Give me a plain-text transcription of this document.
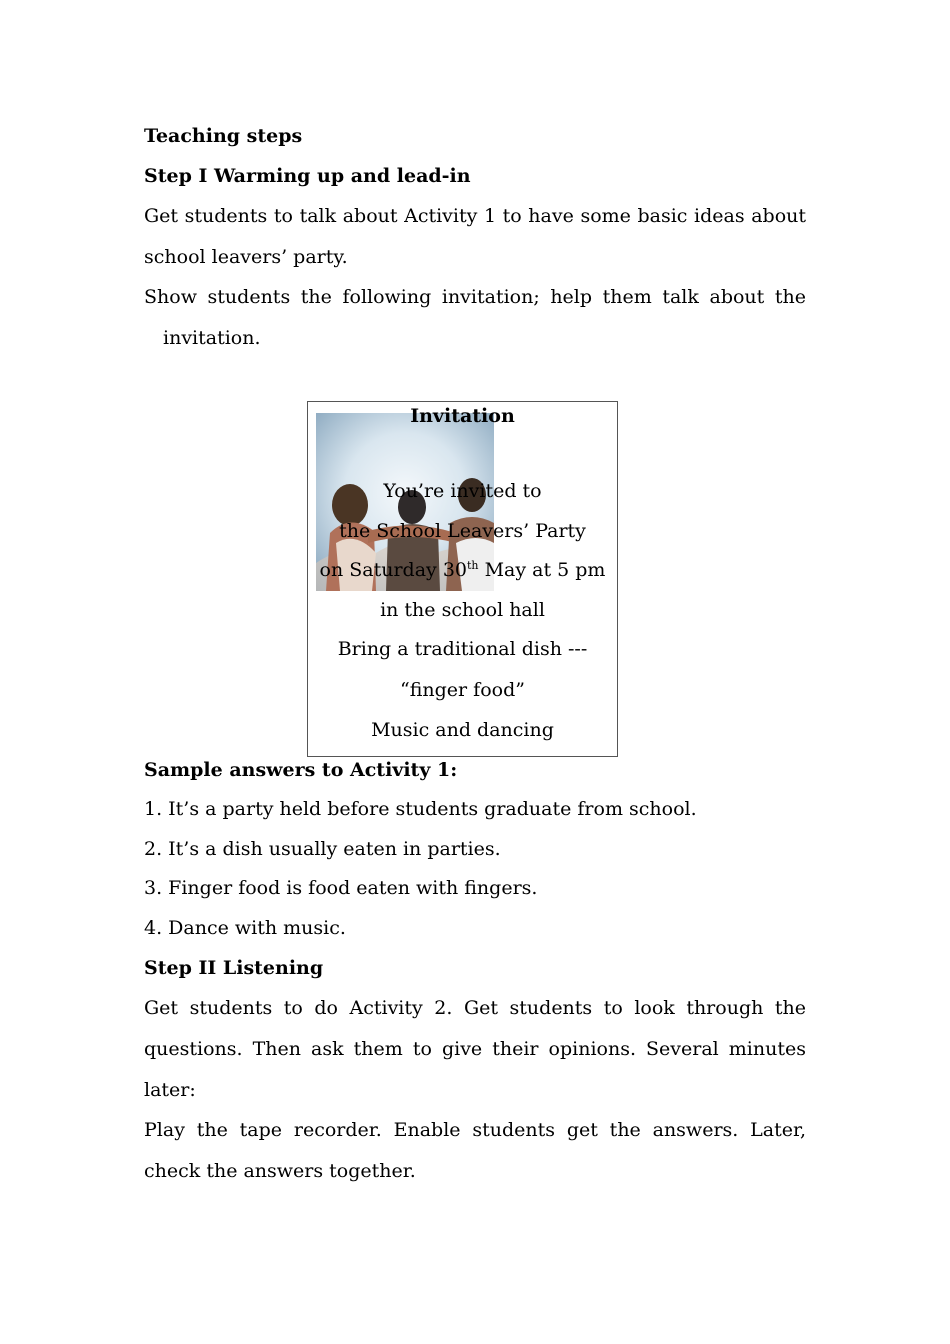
Teaching steps
Step I Warming up and lead-in
Get students to talk about Activity 1 to have some basic ideas about
school leavers’ party.
Show students the following invitation; help them talk about the
invitation.
Sample answers to Activity 1:
1. It’s a party held before students graduate from school.
2. It’s a dish usually eaten in parties.
3. Finger food is food eaten with fingers.
4. Dance with music.
Step II Listening
Get students to do Activity 2. Get students to look through the
questions. Then ask them to give their opinions. Several minutes
later:
Play the tape recorder. Enable students get the answers. Later,
check the answers together.
Invitation
You’re invited to
the School Leavers’ Party
on Saturday 30th May at 5 pm
in the school hall
Bring a traditional dish ---
“finger food”
Music and dancing
